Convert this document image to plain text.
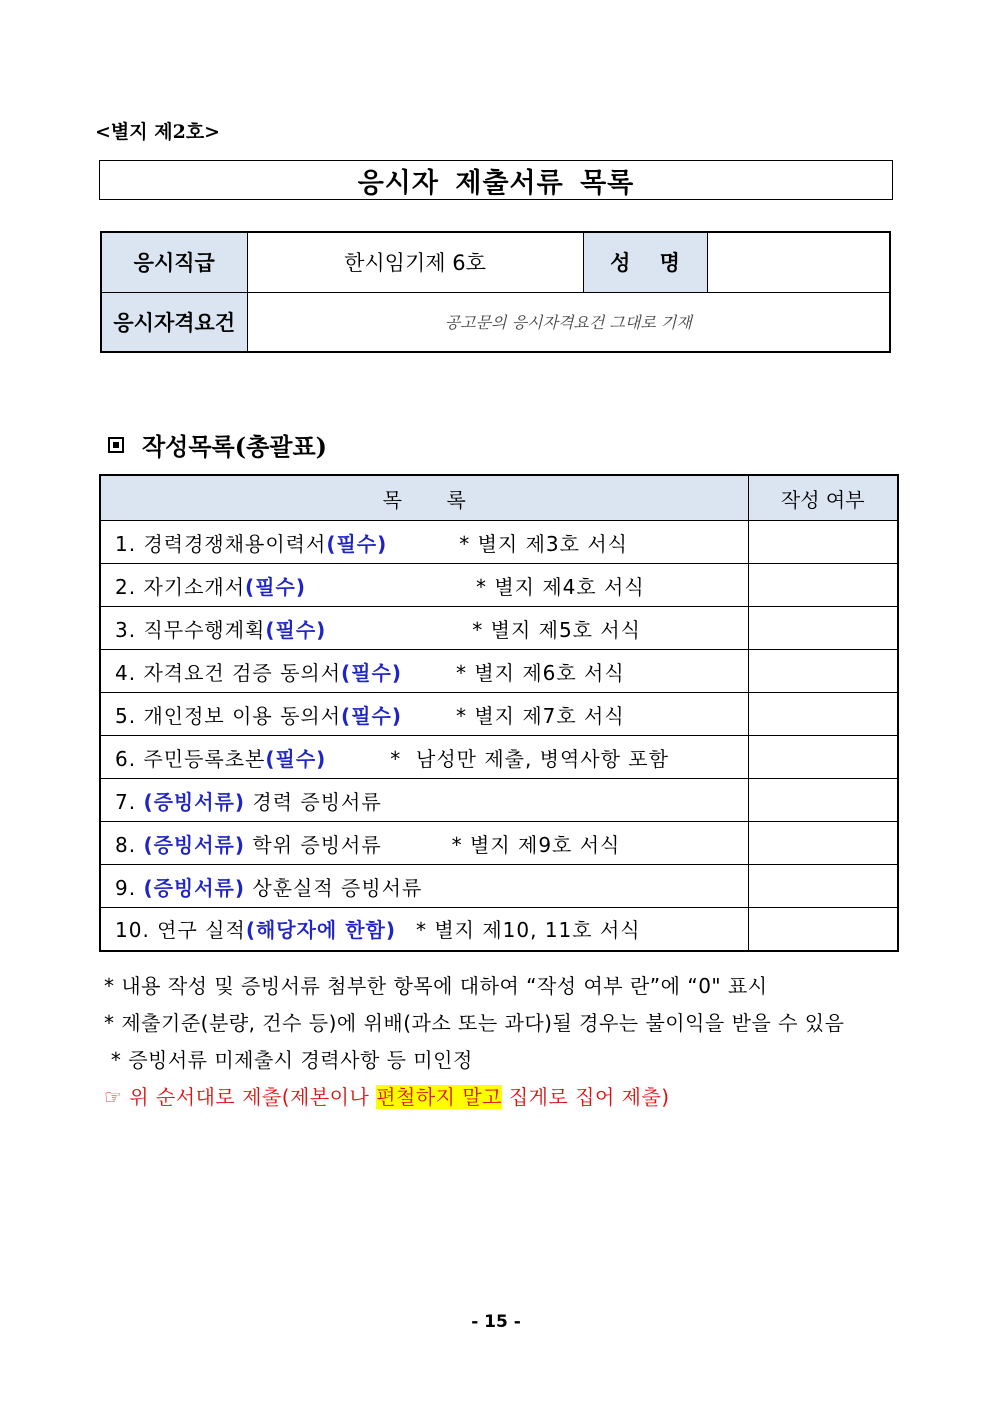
<별지 제2호>
응시자 제출서류 목록
응시직급	한시임기제 6호	성    명	
응시자격요건	공고문의 응시자격요건 그대로 기재		
작성목록(총괄표)
목       록	작성 여부
1. 경력경쟁채용이력서(필수) * 별지 제3호 서식	
2. 자기소개서(필수) * 별지 제4호 서식	
3. 직무수행계획(필수) * 별지 제5호 서식	
4. 자격요건 검증 동의서(필수) * 별지 제6호 서식	
5. 개인정보 이용 동의서(필수) * 별지 제7호 서식	
6. 주민등록초본(필수) *  남성만 제출, 병역사항 포함	
7. (증빙서류) 경력 증빙서류	
8. (증빙서류) 학위 증빙서류 * 별지 제9호 서식	
9. (증빙서류) 상훈실적 증빙서류	
10. 연구 실적(해당자에 한함) * 별지 제10, 11호 서식	
* 내용 작성 및 증빙서류 첨부한 항목에 대하여 “작성 여부 란”에 “0" 표시
* 제출기준(분량, 건수 등)에 위배(과소 또는 과다)될 경우는 불이익을 받을 수 있음
* 증빙서류 미제출시 경력사항 등 미인정
☞ 위 순서대로 제출(제본이나 편철하지 말고 집게로 집어 제출)
- 15 -
